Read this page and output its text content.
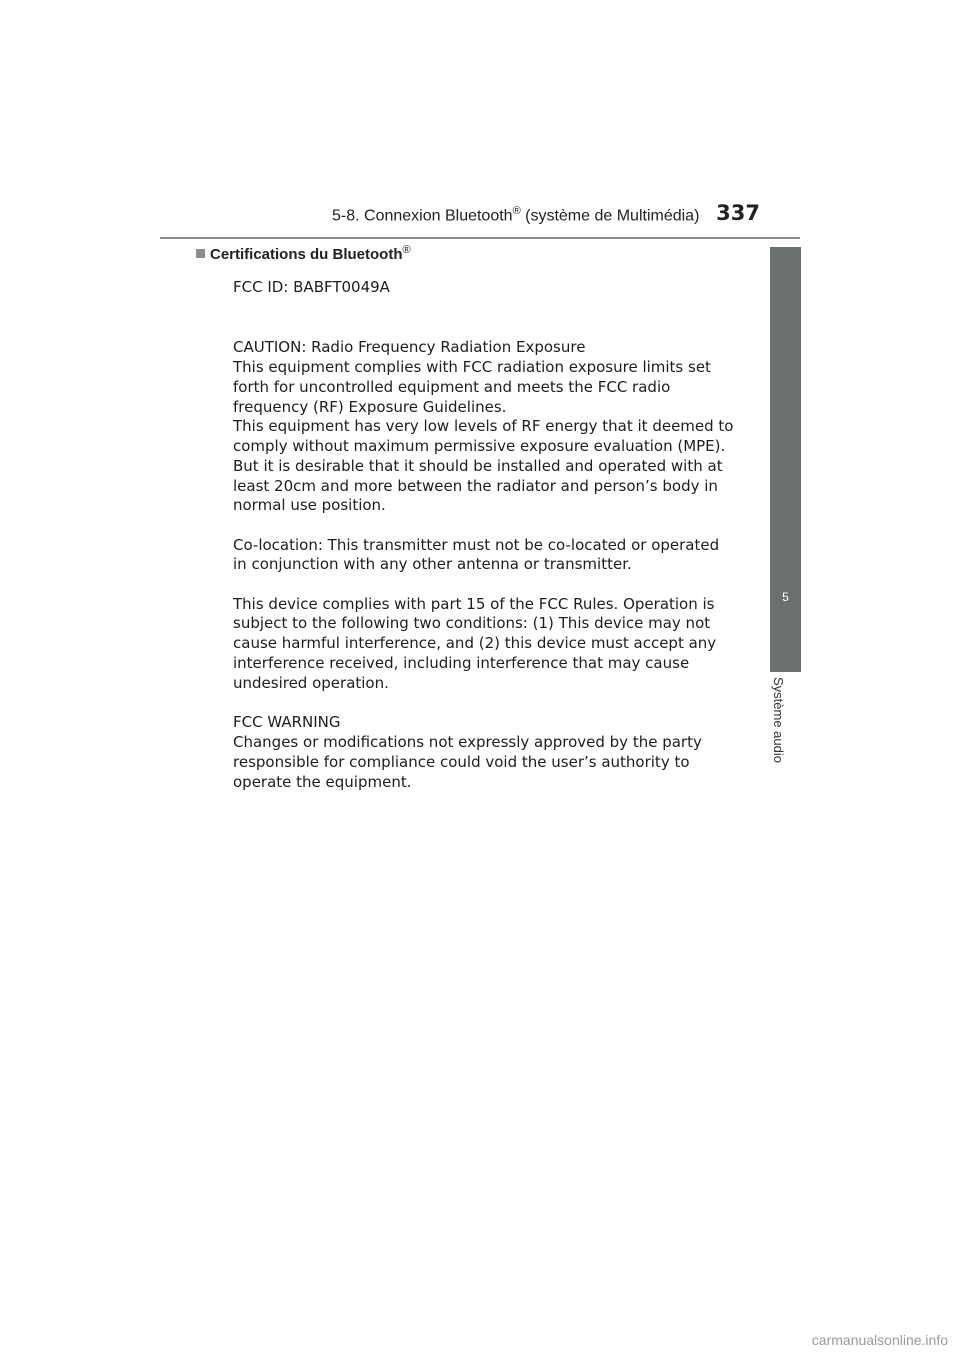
5-8. Connexion Bluetooth® (système de Multimédia) 337
5
Système audio
Certifications du Bluetooth®
FCC ID: BABFT0049A
CAUTION: Radio Frequency Radiation Exposure
This equipment complies with FCC radiation exposure limits set
forth for uncontrolled equipment and meets the FCC radio
frequency (RF) Exposure Guidelines.
This equipment has very low levels of RF energy that it deemed to
comply without maximum permissive exposure evaluation (MPE).
But it is desirable that it should be installed and operated with at
least 20cm and more between the radiator and person’s body in
normal use position.
Co-location: This transmitter must not be co-located or operated
in conjunction with any other antenna or transmitter.
This device complies with part 15 of the FCC Rules. Operation is
subject to the following two conditions: (1) This device may not
cause harmful interference, and (2) this device must accept any
interference received, including interference that may cause
undesired operation.
FCC WARNING
Changes or modifications not expressly approved by the party
responsible for compliance could void the user’s authority to
operate the equipment.
carmanualsonline.info
